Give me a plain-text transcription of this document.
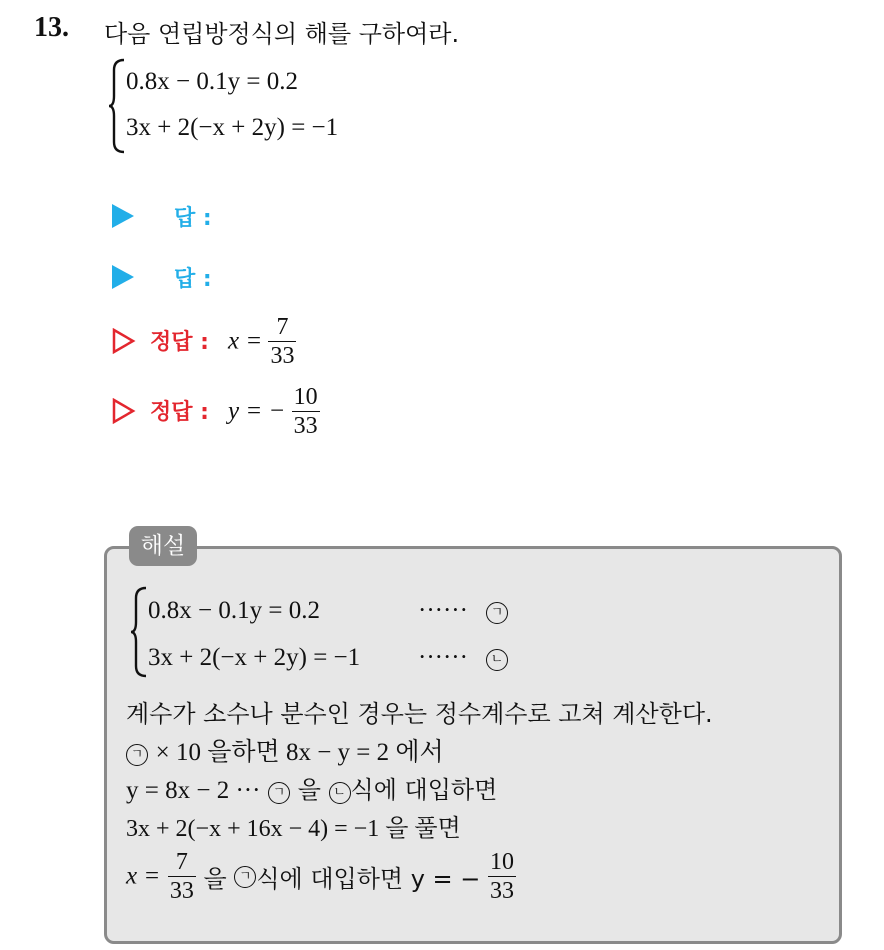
13. 다음 연립방정식의 해를 구하여라.
0.8x − 0.1y = 0.2
3x + 2(−x + 2y) = −1
답 :
답 :
정답 : $x = \frac{7}{33}$
정답 : y = − $\frac{10}{33}$
해설
0.8x − 0.1y = 0.2	······	ㄱ
3x + 2(−x + 2y) = −1 ······	ㄴ
계수가 소수나 분수인 경우는 정수계수로 고쳐 계산한다.
ㄱ × 10 을하면 8x − y = 2 에서
y = 8x − 2 ··· ㄱ 을 ㄴ 식에 대입하면
3x + 2(−x + 16x − 4) = −1 을 풀면
$x = \frac{7}{33}$ 을 ㄱ 식에 대입하면 y = − $\frac{10}{33}$
